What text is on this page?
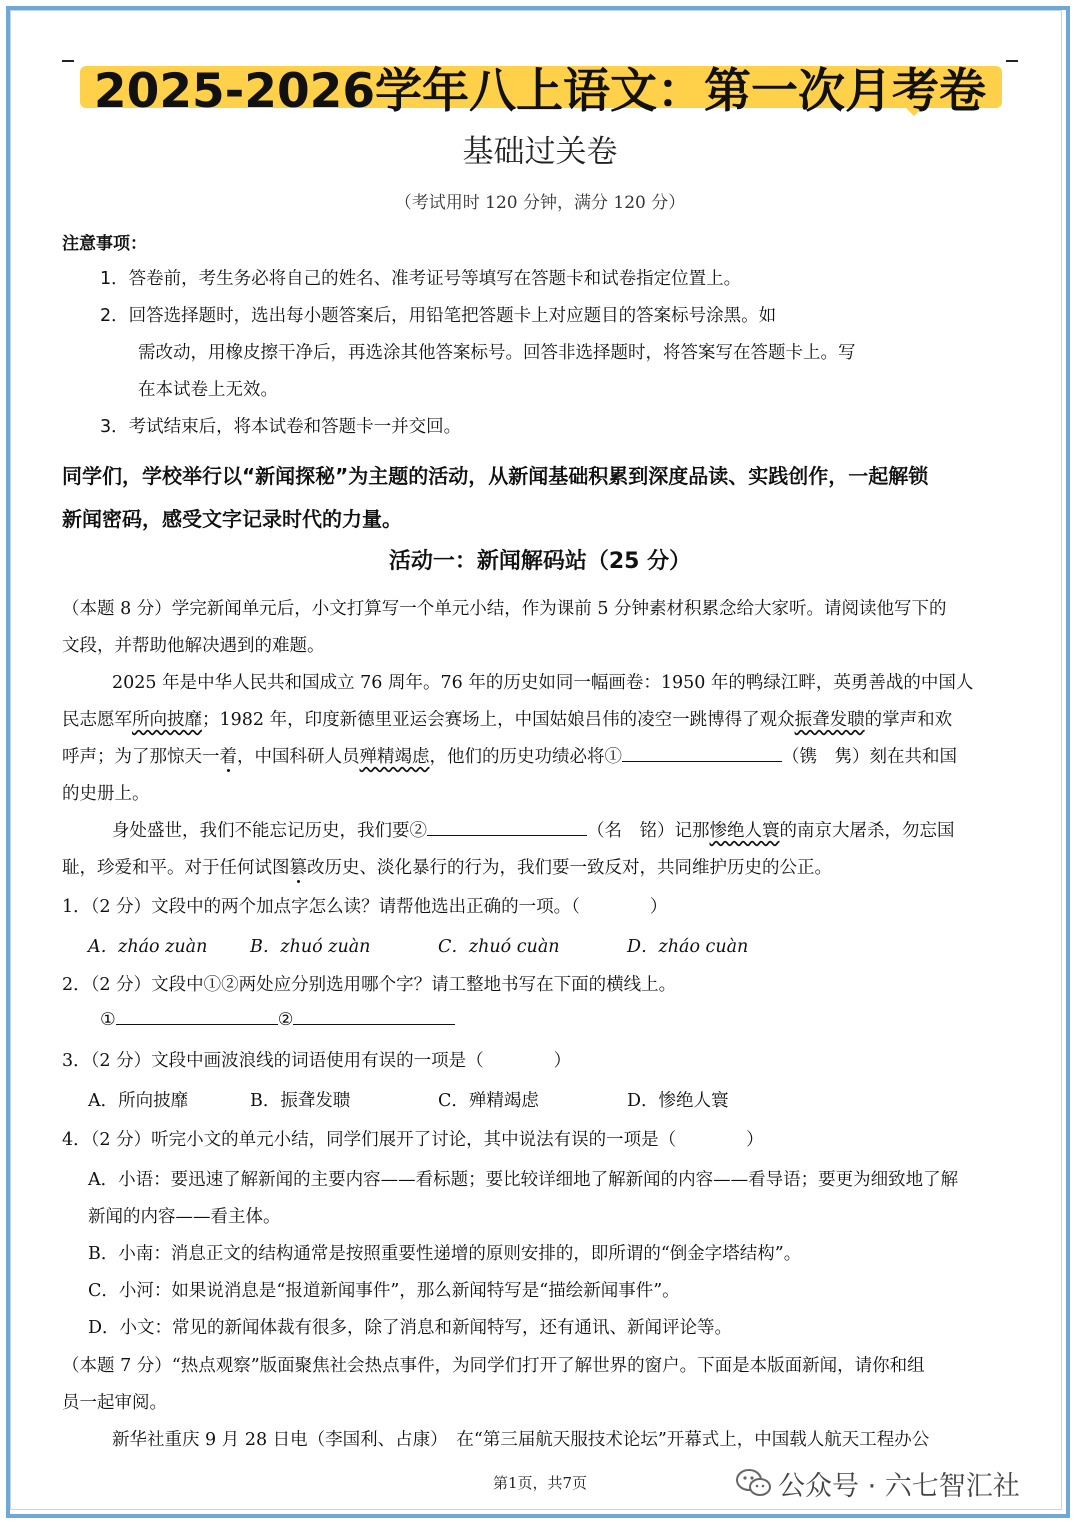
2025-2026学年八上语文：第一次月考卷
基础过关卷
（考试用时 120 分钟，满分 120 分）
注意事项：
1．答卷前，考生务必将自己的姓名、准考证号等填写在答题卡和试卷指定位置上。
2．回答选择题时，选出每小题答案后，用铅笔把答题卡上对应题目的答案标号涂黑。如
需改动，用橡皮擦干净后，再选涂其他答案标号。回答非选择题时，将答案写在答题卡上。写
在本试卷上无效。
3．考试结束后，将本试卷和答题卡一并交回。
同学们，学校举行以“新闻探秘”为主题的活动，从新闻基础积累到深度品读、实践创作，一起解锁
新闻密码，感受文字记录时代的力量。
活动一：新闻解码站（25 分）
（本题 8 分）学完新闻单元后，小文打算写一个单元小结，作为课前 5 分钟素材积累念给大家听。请阅读他写下的
文段，并帮助他解决遇到的难题。
2025 年是中华人民共和国成立 76 周年。76 年的历史如同一幅画卷：1950 年的鸭绿江畔，英勇善战的中国人
民志愿军所向披靡；1982 年，印度新德里亚运会赛场上，中国姑娘吕伟的凌空一跳博得了观众振聋发聩的掌声和欢
呼声；为了那惊天一着，中国科研人员殚精竭虑，他们的历史功绩必将①	（镌　隽）刻在共和国
的史册上。
身处盛世，我们不能忘记历史，我们要②	（名　铭）记那惨绝人寰的南京大屠杀，勿忘国
耻，珍爱和平。对于任何试图篡改历史、淡化暴行的行为，我们要一致反对，共同维护历史的公正。
1．（2 分）文段中的两个加点字怎么读？请帮他选出正确的一项。（　　　　）
A．zháo zuàn B．zhuó zuàn	C．zhuó cuàn	D．zháo cuàn
2．（2 分）文段中①②两处应分别选用哪个字？请工整地书写在下面的横线上。
①	②
3．（2 分）文段中画波浪线的词语使用有误的一项是（　　　　）
A．所向披靡	B．振聋发聩	C．殚精竭虑	D．惨绝人寰
4．（2 分）听完小文的单元小结，同学们展开了讨论，其中说法有误的一项是（　　　　）
A．小语：要迅速了解新闻的主要内容——看标题；要比较详细地了解新闻的内容——看导语；要更为细致地了解
新闻的内容——看主体。
B．小南：消息正文的结构通常是按照重要性递增的原则安排的，即所谓的“倒金字塔结构”。
C．小河：如果说消息是“报道新闻事件”，那么新闻特写是“描绘新闻事件”。
D．小文：常见的新闻体裁有很多，除了消息和新闻特写，还有通讯、新闻评论等。
（本题 7 分）“热点观察”版面聚焦社会热点事件，为同学们打开了解世界的窗户。下面是本版面新闻，请你和组
员一起审阅。
新华社重庆 9 月 28 日电（李国利、占康）　在“第三届航天服技术论坛”开幕式上，中国载人航天工程办公
第1页，共7页	公众号 · 六七智汇社
